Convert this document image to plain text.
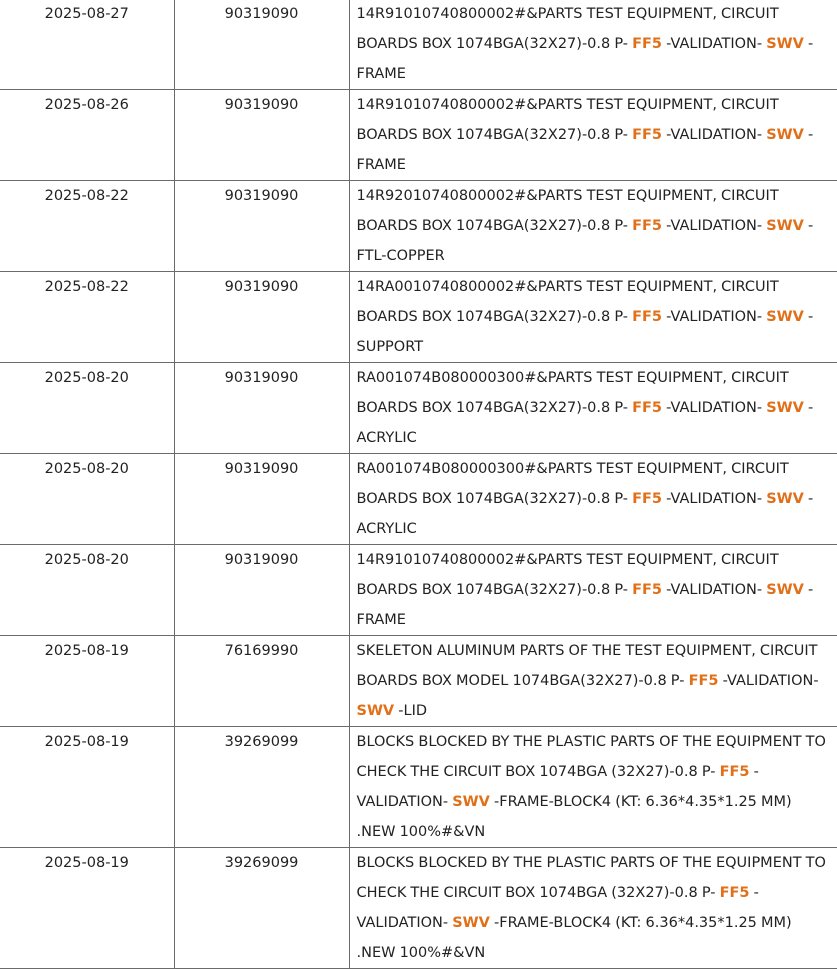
2025-08-27	90319090	14R91010740800002#&PARTS TEST EQUIPMENT, CIRCUIT BOARDS BOX 1074BGA(32X27)-0.8 P- FF5 -VALIDATION- SWV -FRAME
2025-08-26	90319090	14R91010740800002#&PARTS TEST EQUIPMENT, CIRCUIT BOARDS BOX 1074BGA(32X27)-0.8 P- FF5 -VALIDATION- SWV -FRAME
2025-08-22	90319090	14R92010740800002#&PARTS TEST EQUIPMENT, CIRCUIT BOARDS BOX 1074BGA(32X27)-0.8 P- FF5 -VALIDATION- SWV -FTL-COPPER
2025-08-22	90319090	14RA0010740800002#&PARTS TEST EQUIPMENT, CIRCUIT BOARDS BOX 1074BGA(32X27)-0.8 P- FF5 -VALIDATION- SWV -SUPPORT
2025-08-20	90319090	RA001074B080000300#&PARTS TEST EQUIPMENT, CIRCUIT BOARDS BOX 1074BGA(32X27)-0.8 P- FF5 -VALIDATION- SWV -ACRYLIC
2025-08-20	90319090	RA001074B080000300#&PARTS TEST EQUIPMENT, CIRCUIT BOARDS BOX 1074BGA(32X27)-0.8 P- FF5 -VALIDATION- SWV -ACRYLIC
2025-08-20	90319090	14R91010740800002#&PARTS TEST EQUIPMENT, CIRCUIT BOARDS BOX 1074BGA(32X27)-0.8 P- FF5 -VALIDATION- SWV -FRAME
2025-08-19	76169990	SKELETON ALUMINUM PARTS OF THE TEST EQUIPMENT, CIRCUIT BOARDS BOX MODEL 1074BGA(32X27)-0.8 P- FF5 -VALIDATION- SWV -LID
2025-08-19	39269099	BLOCKS BLOCKED BY THE PLASTIC PARTS OF THE EQUIPMENT TO CHECK THE CIRCUIT BOX 1074BGA (32X27)-0.8 P- FF5 -VALIDATION- SWV -FRAME-BLOCK4 (KT: 6.36*4.35*1.25 MM) .NEW 100%#&VN
2025-08-19	39269099	BLOCKS BLOCKED BY THE PLASTIC PARTS OF THE EQUIPMENT TO CHECK THE CIRCUIT BOX 1074BGA (32X27)-0.8 P- FF5 -VALIDATION- SWV -FRAME-BLOCK4 (KT: 6.36*4.35*1.25 MM) .NEW 100%#&VN
